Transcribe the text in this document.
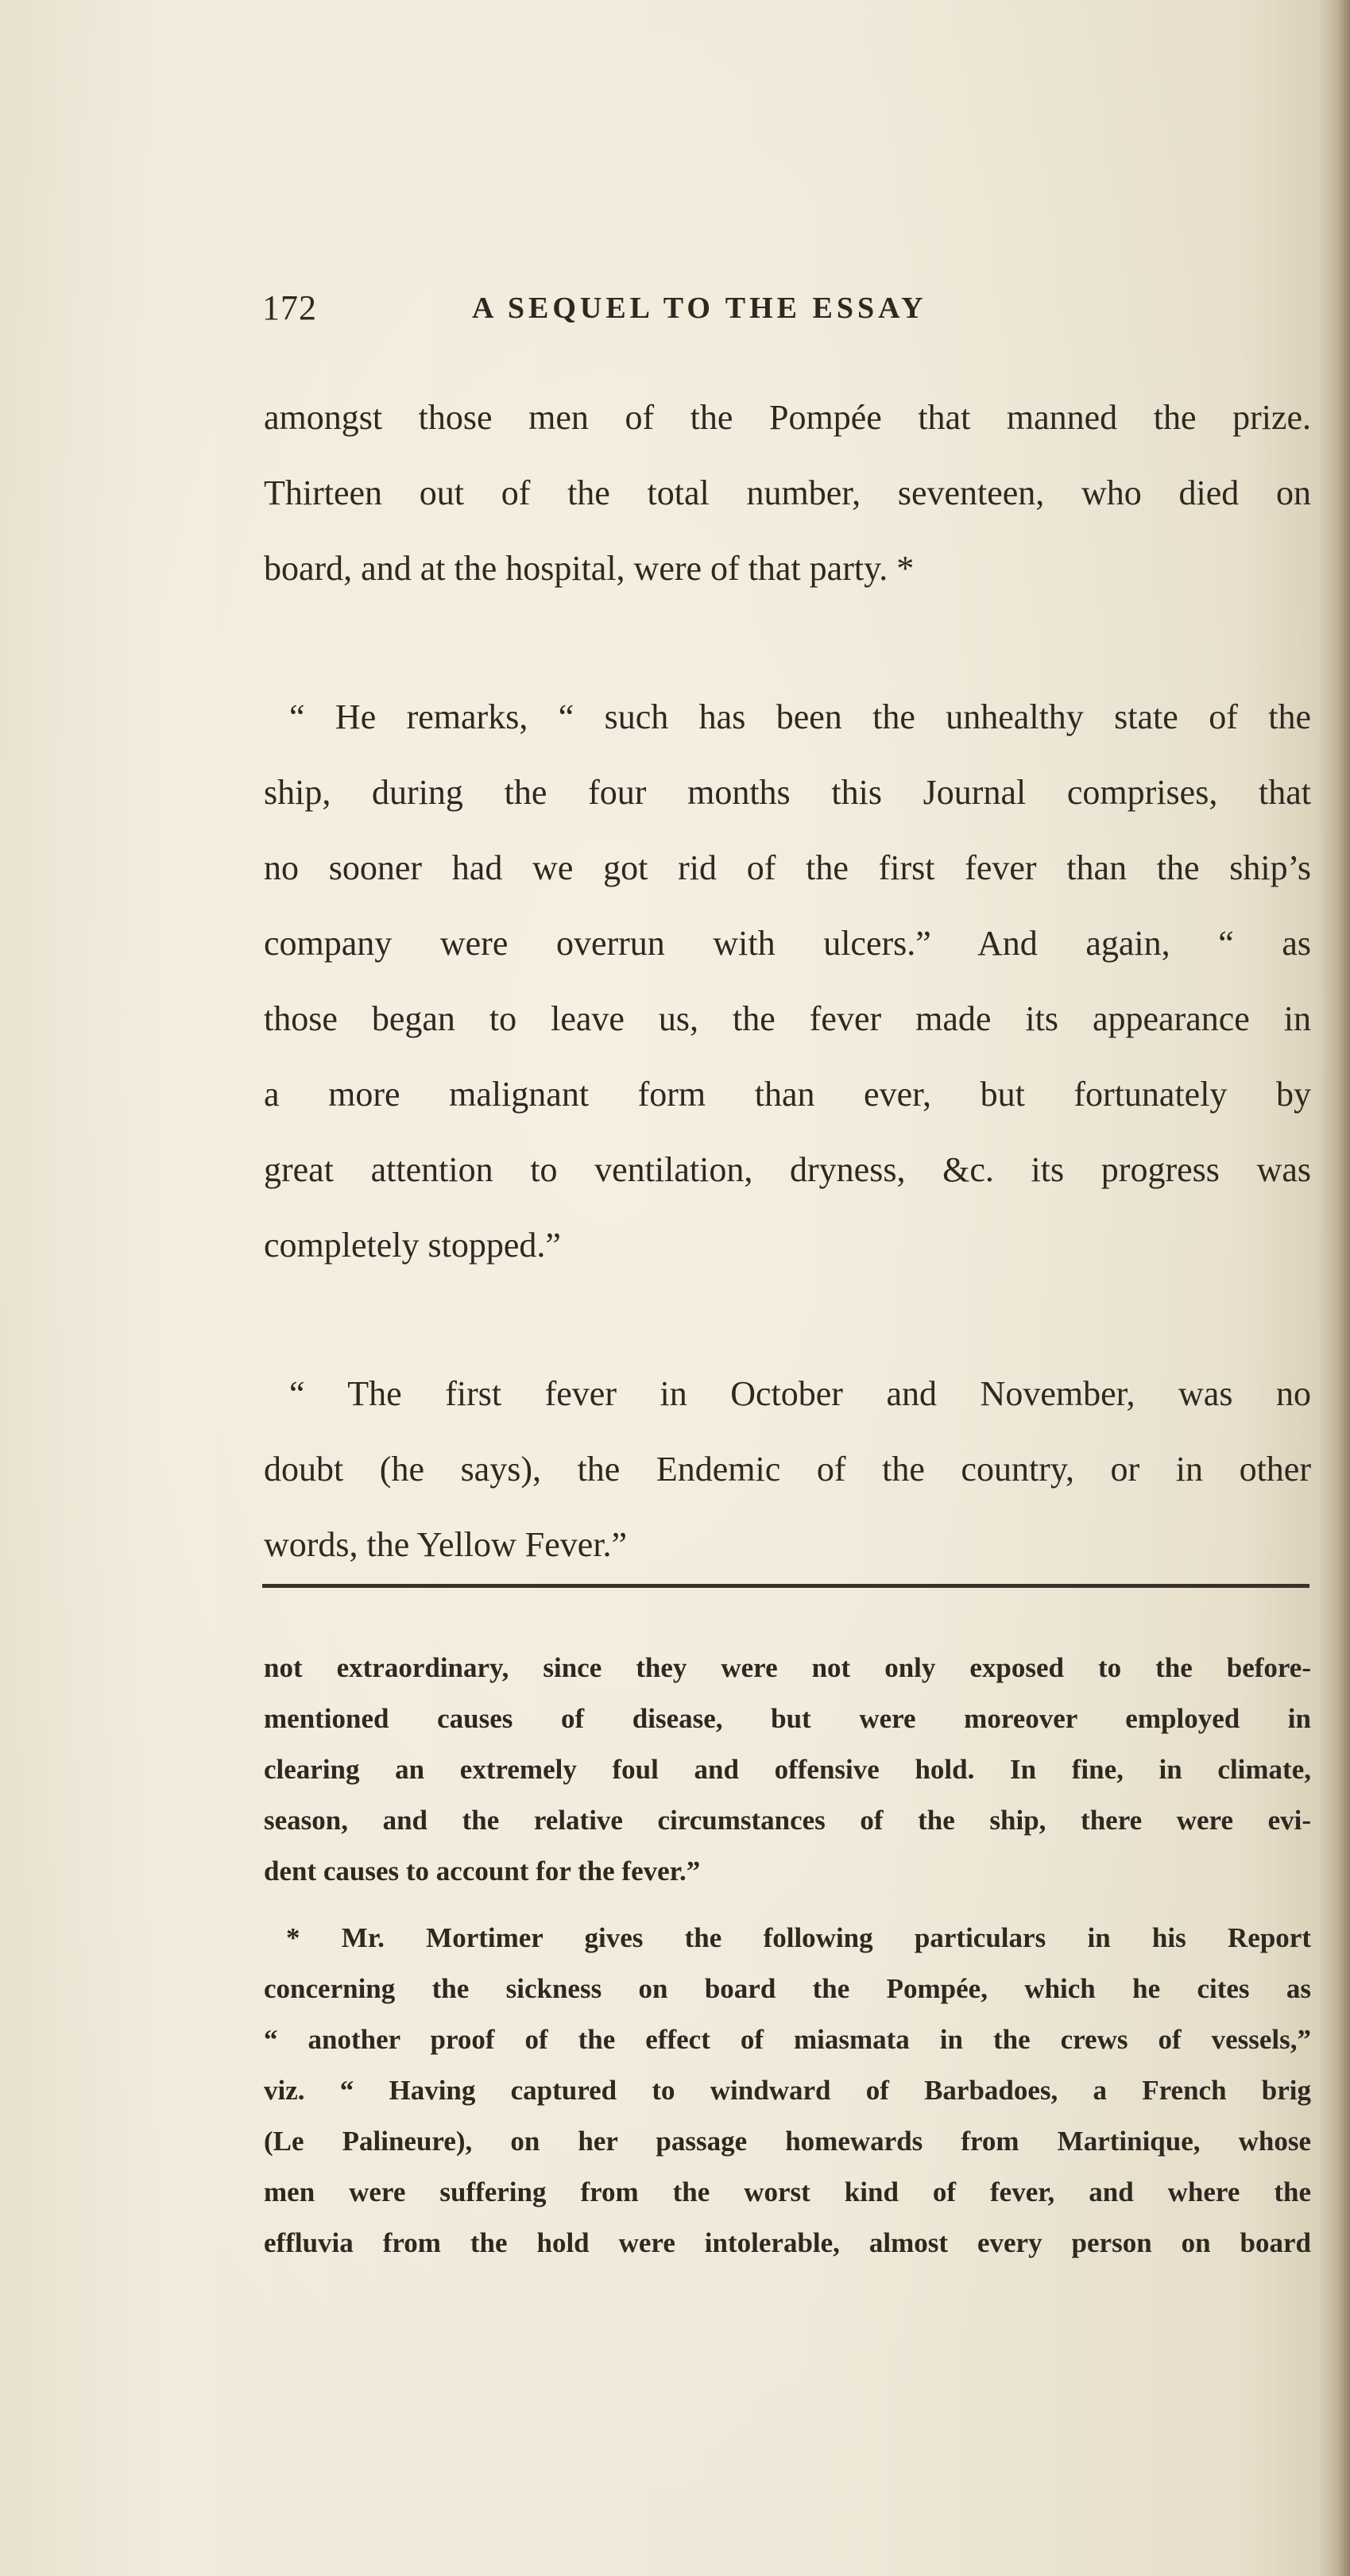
172	A SEQUEL TO THE ESSAY
amongst those men of the Pompée that manned the prize.
Thirteen out of the total number, seventeen, who died on
board, and at the hospital, were of that party. *
“ He remarks, “ such has been the unhealthy state of the
ship, during the four months this Journal comprises, that
no sooner had we got rid of the first fever than the ship’s
company were overrun with ulcers.” And again, “ as
those began to leave us, the fever made its appearance in
a more malignant form than ever, but fortunately by
great attention to ventilation, dryness, &c. its progress was
completely stopped.”
“ The first fever in October and November, was no
doubt (he says), the Endemic of the country, or in other
words, the Yellow Fever.”
not extraordinary, since they were not only exposed to the before-
mentioned causes of disease, but were moreover employed in
clearing an extremely foul and offensive hold. In fine, in climate,
season, and the relative circumstances of the ship, there were evi-
dent causes to account for the fever.”
* Mr. Mortimer gives the following particulars in his Report
concerning the sickness on board the Pompée, which he cites as
“ another proof of the effect of miasmata in the crews of vessels,”
viz. “ Having captured to windward of Barbadoes, a French brig
(Le Palineure), on her passage homewards from Martinique, whose
men were suffering from the worst kind of fever, and where the
effluvia from the hold were intolerable, almost every person on board
